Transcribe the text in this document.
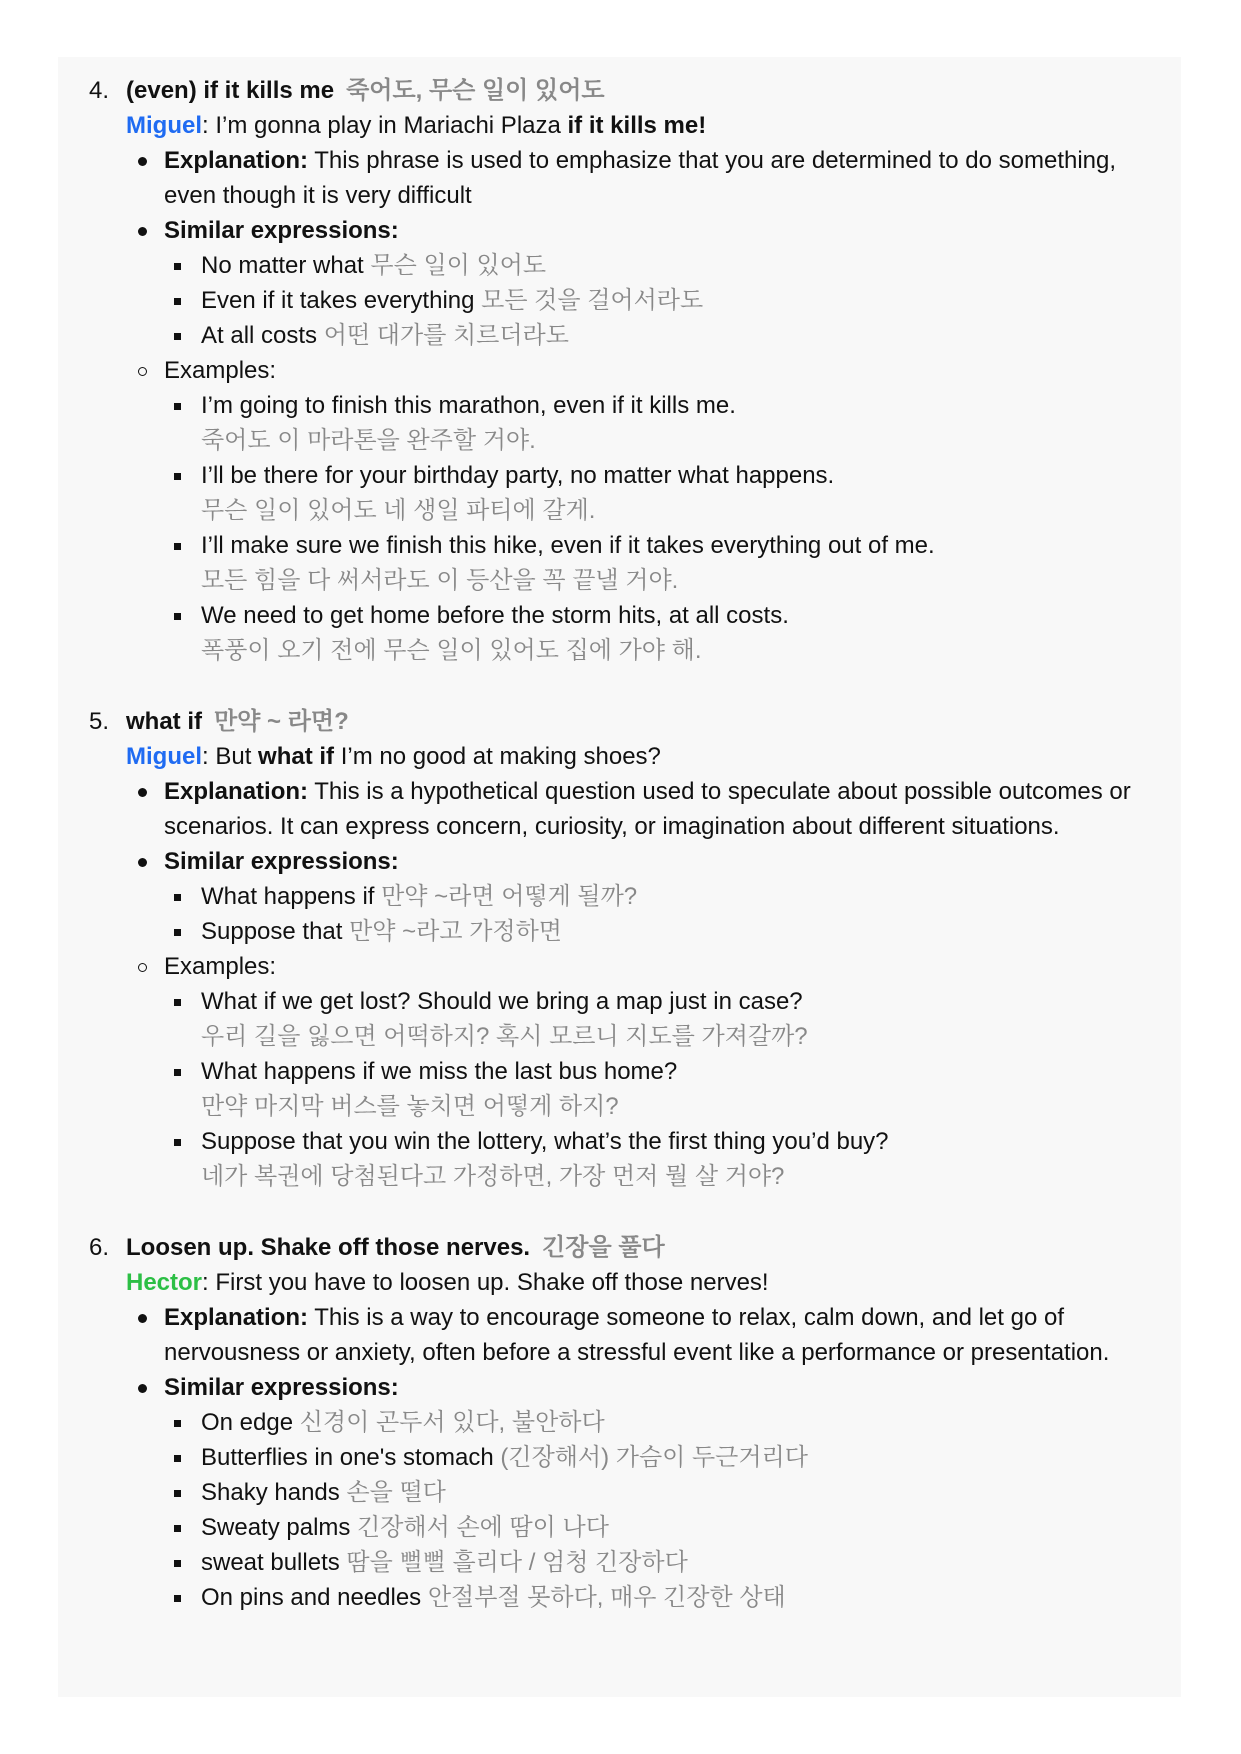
4. (even) if it kills me 죽어도, 무슨 일이 있어도
Miguel: I’m gonna play in Mariachi Plaza if it kills me!
Explanation: This phrase is used to emphasize that you are determined to do something, even though it is very difficult
Similar expressions:
No matter what 무슨 일이 있어도
Even if it takes everything 모든 것을 걸어서라도
At all costs 어떤 대가를 치르더라도
Examples:
I’m going to finish this marathon, even if it kills me.
죽어도 이 마라톤을 완주할 거야.
I’ll be there for your birthday party, no matter what happens.
무슨 일이 있어도 네 생일 파티에 갈게.
I’ll make sure we finish this hike, even if it takes everything out of me.
모든 힘을 다 써서라도 이 등산을 꼭 끝낼 거야.
We need to get home before the storm hits, at all costs.
폭풍이 오기 전에 무슨 일이 있어도 집에 가야 해.
5. what if 만약 ~ 라면?
Miguel: But what if I’m no good at making shoes?
Explanation: This is a hypothetical question used to speculate about possible outcomes or scenarios. It can express concern, curiosity, or imagination about different situations.
Similar expressions:
What happens if 만약 ~라면 어떻게 될까?
Suppose that 만약 ~라고 가정하면
Examples:
What if we get lost? Should we bring a map just in case?
우리 길을 잃으면 어떡하지? 혹시 모르니 지도를 가져갈까?
What happens if we miss the last bus home?
만약 마지막 버스를 놓치면 어떻게 하지?
Suppose that you win the lottery, what’s the first thing you’d buy?
네가 복권에 당첨된다고 가정하면, 가장 먼저 뭘 살 거야?
6. Loosen up. Shake off those nerves. 긴장을 풀다
Hector: First you have to loosen up. Shake off those nerves!
Explanation: This is a way to encourage someone to relax, calm down, and let go of nervousness or anxiety, often before a stressful event like a performance or presentation.
Similar expressions:
On edge 신경이 곤두서 있다, 불안하다
Butterflies in one's stomach (긴장해서) 가슴이 두근거리다
Shaky hands 손을 떨다
Sweaty palms 긴장해서 손에 땀이 나다
sweat bullets 땀을 뻘뻘 흘리다 / 엄청 긴장하다
On pins and needles 안절부절 못하다, 매우 긴장한 상태
